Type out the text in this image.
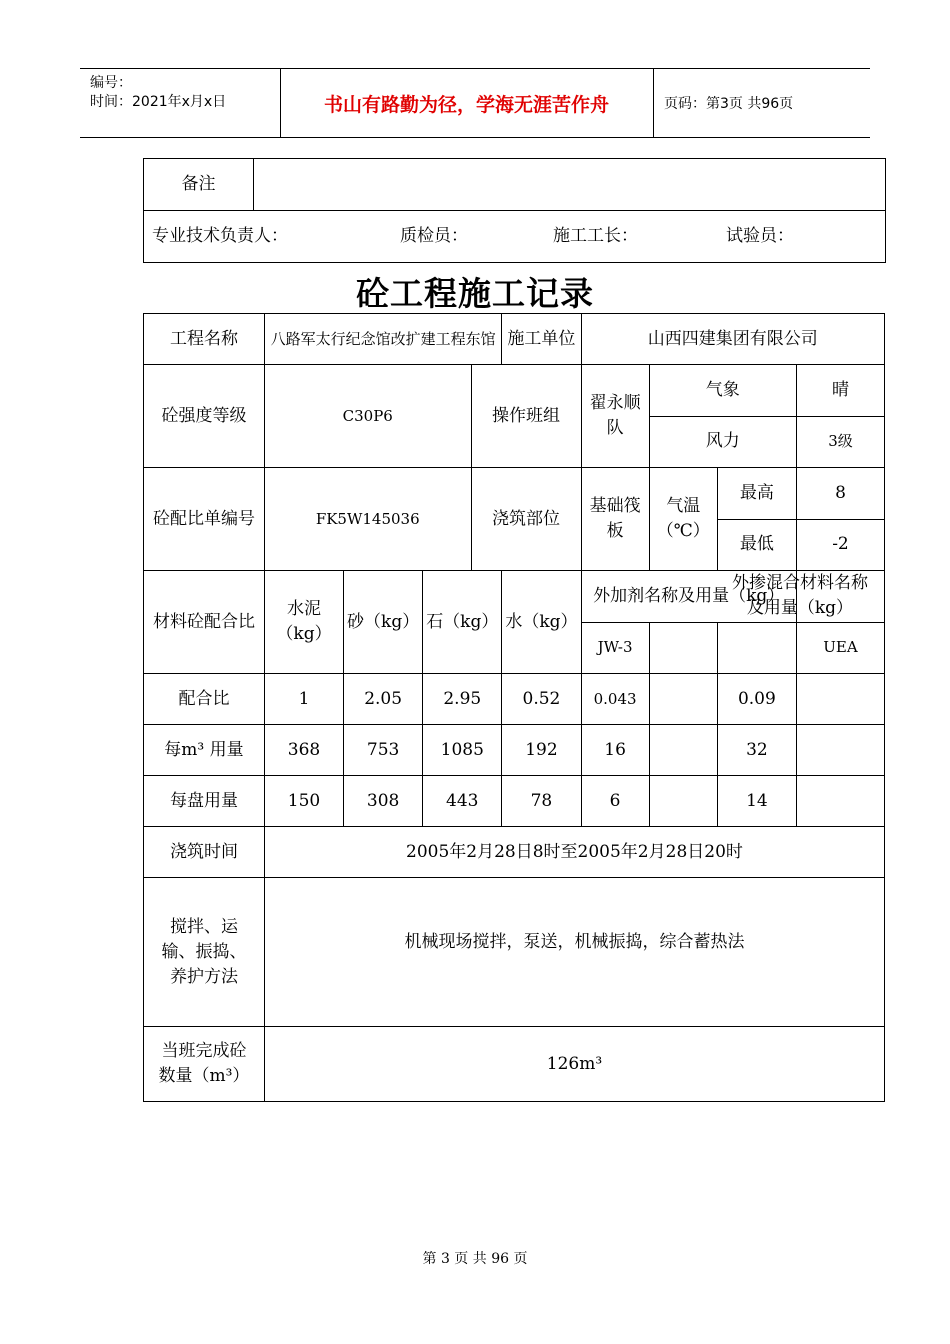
编号：
时间：2021年x月x日	书山有路勤为径，学海无涯苦作舟	页码：第3页 共96页
备注	
专业技术负责人：	质检员：	施工工长：	试验员：
砼工程施工记录
工程名称	八路军太行纪念馆改扩建工程东馆				施工单位	山西四建集团有限公司			
砼强度等级	C30P6			操作班组		翟永顺队	气象		晴
							风力		3级
砼配比单编号	FK5W145036			浇筑部位		基础筏板	气温（℃）	最高	8
								最低	-2
材料砼配合比	水泥（kg）	砂（kg）	石（kg）		水（kg）	外加剂名称及用量（kg）			外掺混合材料名称及用量（kg）

						JW-3			UEA
配合比	1	2.05	2.95		0.52	0.043		0.09	
每m³ 用量	368	753	1085		192	16		32	
每盘用量	150	308	443		78	6		14	
浇筑时间	2005年2月28日8时至2005年2月28日20时								
搅拌、运输、振捣、养护方法	机械现场搅拌，泵送，机械振捣，综合蓄热法								
当班完成砼数量（m³）	126m³								
第 3 页 共 96 页
